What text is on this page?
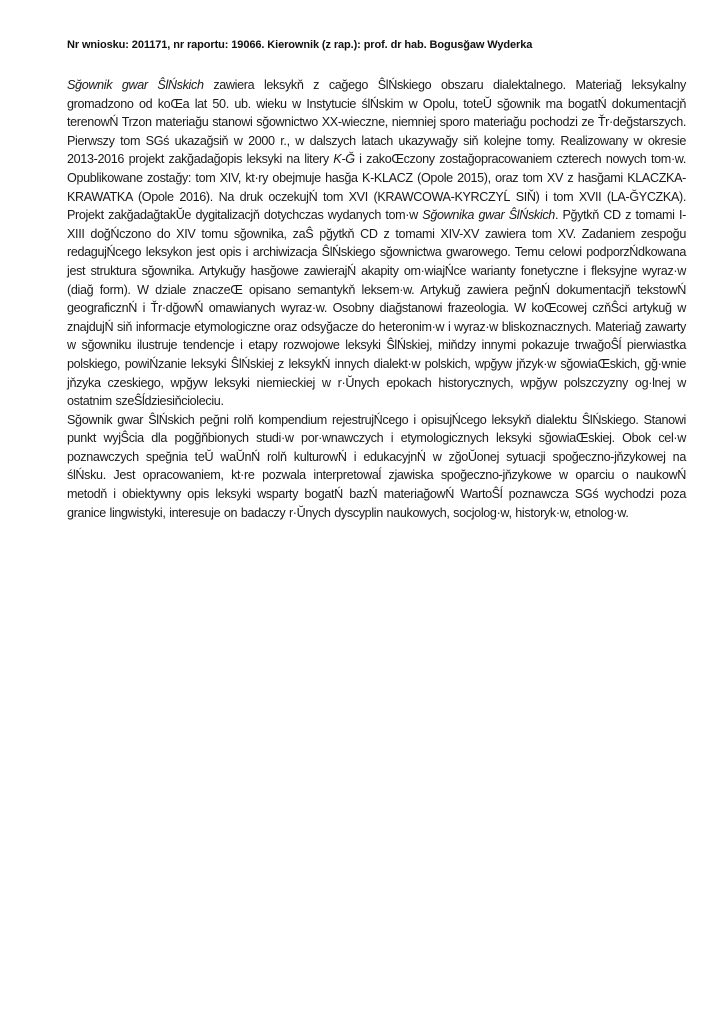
Nr wniosku: 201171, nr raportu: 19066. Kierownik (z rap.): prof. dr hab. Bogusğaw Wyderka

Sğownik gwar ŜlŃskich zawiera leksykň z cağego ŜlŃskiego obszaru dialektalnego. Materiağ leksykalny gromadzono od koŒa lat 50. ub. wieku w Instytucie ślŃskim w Opolu, toteŬ sğownik ma bogatŃ dokumentacjň terenowŃ Trzon materiağu stanowi sğownictwo XX-wieczne, niemniej sporo materiağu pochodzi ze Ťr·değstarszych. Pierwszy tom SGś ukazağsiň w 2000 r., w dalszych latach ukazywağy siň kolejne tomy. Realizowany w okresie 2013-2016 projekt zakğadağopis leksyki na litery K-Ğ i zakoŒczony zostağopracowaniem czterech nowych tom·w. Opublikowane zostağy: tom XIV, kt·ry obejmuje hasğa K-KLACZ (Opole 2015), oraz tom XV z hasğami KLACZKA-KRAWATKA (Opole 2016). Na druk oczekujŃ tom XVI (KRAWCOWA-KYRCZYĹ SIŇ) i tom XVII (LA-ĞYCZKA). Projekt zakğadağtakŬe dygitalizacjň dotychczas wydanych tom·w Sğownika gwar ŜlŃskich. Pğytkň CD z tomami I-XIII doğŃczono do XIV tomu sğownika, zaŜ pğytkň CD z tomami XIV-XV zawiera tom XV. Zadaniem zespoğu redagujŃcego leksykon jest opis i archiwizacja ŜlŃskiego sğownictwa gwarowego. Temu celowi podporzŃdkowana jest struktura sğownika. Artykuğy hasğowe zawierajŃ akapity om·wiajŃce warianty fonetyczne i fleksyjne wyraz·w (diağ form). W dziale znaczeŒ opisano semantykň leksem·w. Artykuğ zawiera peğnŃ dokumentacjň tekstowŃ geograficznŃ i Ťr·dğowŃ omawianych wyraz·w. Osobny diağstanowi frazeologia. W koŒcowej czňŜci artykuğ w znajdujŃ siň informacje etymologiczne oraz odsyğacze do heteronim·w i wyraz·w bliskoznacznych. Materiağ zawarty w sğowniku ilustruje tendencje i etapy rozwojowe leksyki ŜlŃskiej, miňdzy innymi pokazuje trwağoŜĺ pierwiastka polskiego, powiŃzanie leksyki ŜlŃskiej z leksykŃ innych dialekt·w polskich, wpğyw jňzyk·w sğowiaŒskich, gğ·wnie jňzyka czeskiego, wpğyw leksyki niemieckiej w r·Ŭnych epokach historycznych, wpğyw polszczyzny og·lnej w ostatnim szeŜĺdziesiňcioleciu.

Sğownik gwar ŜlŃskich peğni rolň kompendium rejestrujŃcego i opisujŃcego leksykň dialektu ŜlŃskiego. Stanowi punkt wyjŜcia dla pogğňbionych studi·w por·wnawczych i etymologicznych leksyki sğowiaŒskiej. Obok cel·w poznawczych speğnia teŬ waŬnŃ rolň kulturowŃ i edukacyjnŃ w zğoŬonej sytuacji spoğeczno-jňzykowej na ślŃsku. Jest opracowaniem, kt·re pozwala interpretowaĺ zjawiska spoğeczno-jňzykowe w oparciu o naukowŃ metodň i obiektywny opis leksyki wsparty bogatŃ bazŃ materiağowŃ WartoŜĺ poznawcza SGś wychodzi poza granice lingwistyki, interesuje on badaczy r·Ŭnych dyscyplin naukowych, socjolog·w, historyk·w, etnolog·w.
